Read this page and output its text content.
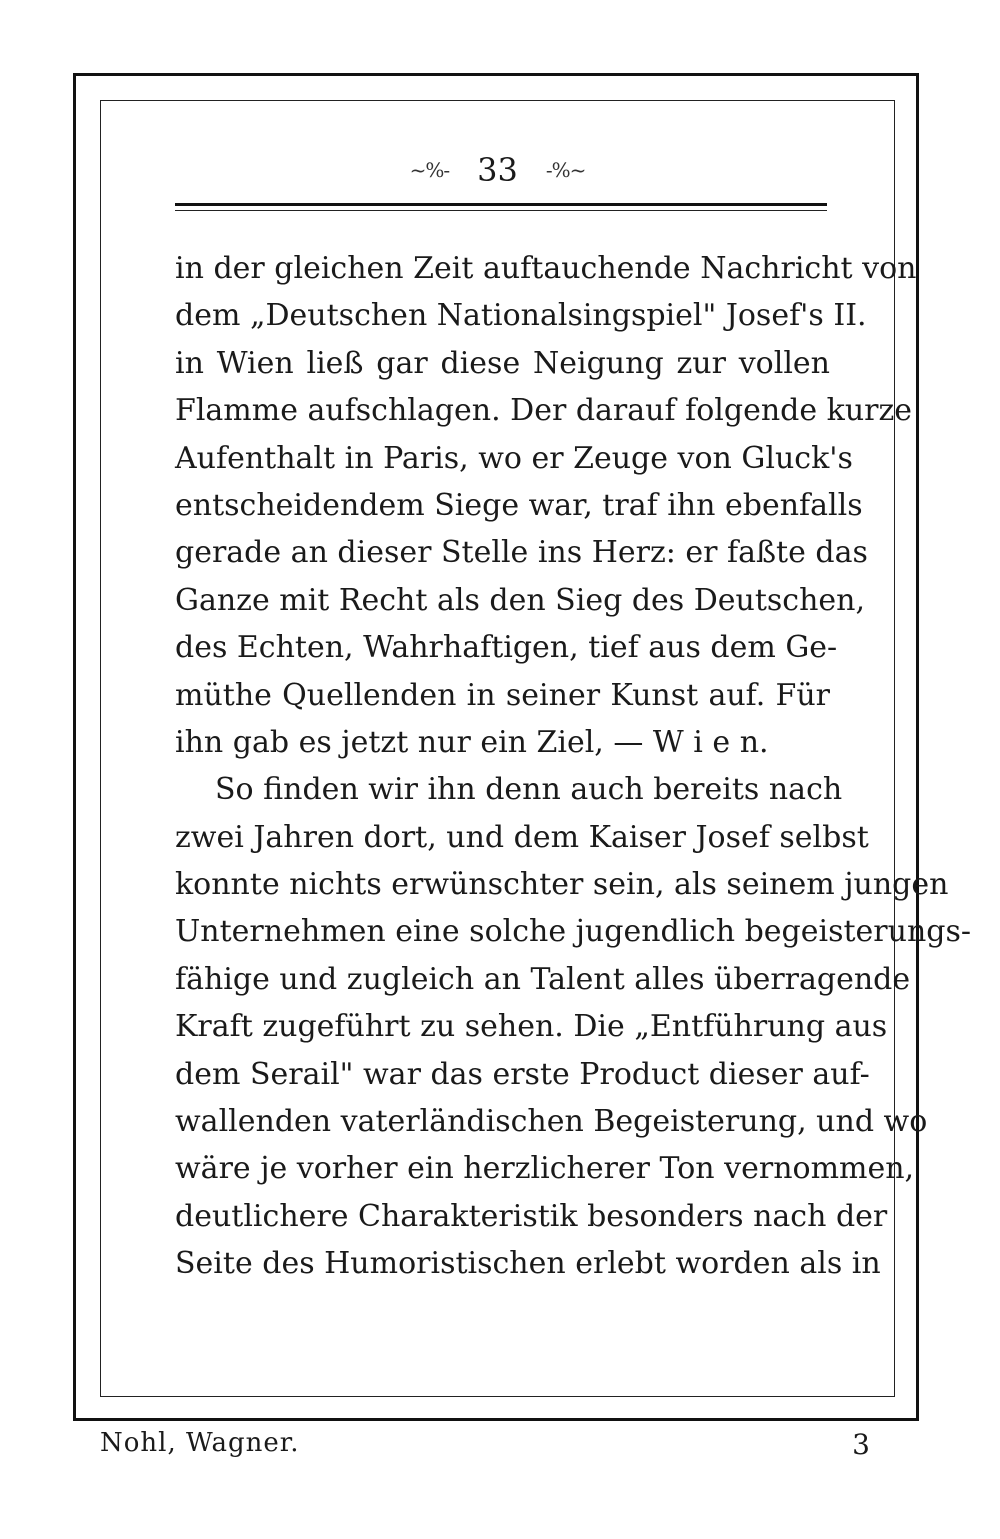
~%- 33 -%~
in der gleichen Zeit auftauchende Nachricht von
dem „Deutschen Nationalsingspiel" Josef's II.
in Wien ließ gar diese Neigung zur vollen
Flamme aufschlagen. Der darauf folgende kurze
Aufenthalt in Paris, wo er Zeuge von Gluck's
entscheidendem Siege war, traf ihn ebenfalls
gerade an dieser Stelle ins Herz: er faßte das
Ganze mit Recht als den Sieg des Deutschen,
des Echten, Wahrhaftigen, tief aus dem Ge-
müthe Quellenden in seiner Kunst auf. Für
ihn gab es jetzt nur ein Ziel, — W i e n.
So finden wir ihn denn auch bereits nach
zwei Jahren dort, und dem Kaiser Josef selbst
konnte nichts erwünschter sein, als seinem jungen
Unternehmen eine solche jugendlich begeisterungs-
fähige und zugleich an Talent alles überragende
Kraft zugeführt zu sehen. Die „Entführung aus
dem Serail" war das erste Product dieser auf-
wallenden vaterländischen Begeisterung, und wo
wäre je vorher ein herzlicherer Ton vernommen,
deutlichere Charakteristik besonders nach der
Seite des Humoristischen erlebt worden als in
Nohl, Wagner.	3
